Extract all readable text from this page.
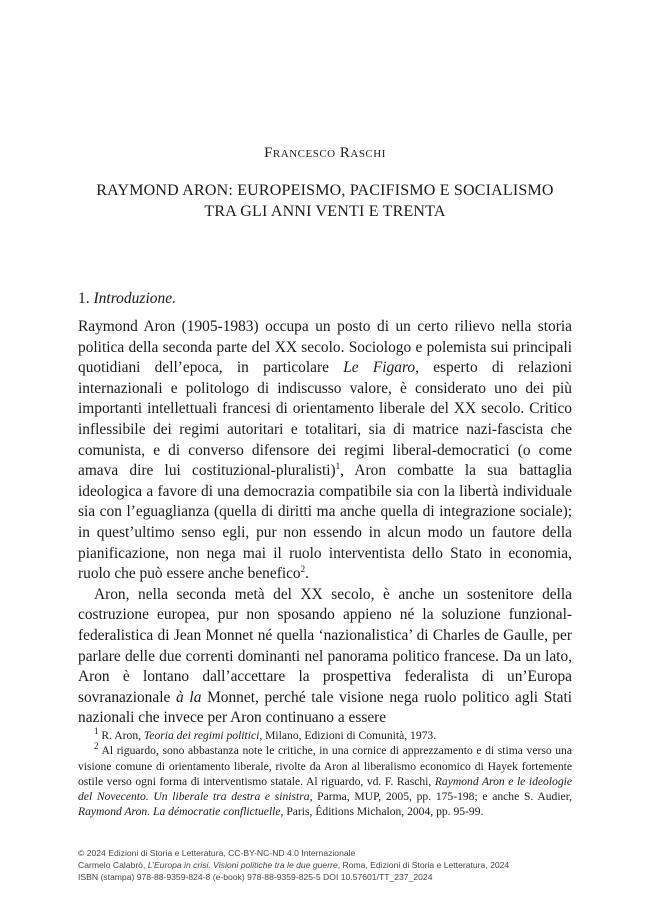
Francesco Raschi
RAYMOND ARON: EUROPEISMO, PACIFISMO E SOCIALISMO
TRA GLI ANNI VENTI E TRENTA
1. Introduzione.

Raymond Aron (1905-1983) occupa un posto di un certo rilievo nella storia politica della seconda parte del XX secolo. Sociologo e polemista sui principali quotidiani dell’epoca, in particolare Le Figaro, esperto di relazioni internazionali e politologo di indiscusso valore, è considerato uno dei più importanti intellettuali francesi di orientamento liberale del XX secolo. Critico inflessibile dei regimi autoritari e totalitari, sia di matrice nazi-fascista che comunista, e di converso difensore dei regimi liberal-democratici (o come amava dire lui costituzional-pluralisti)$^1$, Aron combatte la sua battaglia ideologica a favore di una democrazia compatibile sia con la libertà individuale sia con l’eguaglianza (quella di diritti ma anche quella di integrazione sociale); in quest’ultimo senso egli, pur non essendo in alcun modo un fautore della pianificazione, non nega mai il ruolo interventista dello Stato in economia, ruolo che può essere anche benefico$^2$.

Aron, nella seconda metà del XX secolo, è anche un sostenitore della costruzione europea, pur non sposando appieno né la soluzione funzional-federalistica di Jean Monnet né quella ‘nazionalistica’ di Charles de Gaulle, per parlare delle due correnti dominanti nel panorama politico francese. Da un lato, Aron è lontano dall’accettare la prospettiva federalista di un’Europa sovranazionale à la Monnet, perché tale visione nega ruolo politico agli Stati nazionali che invece per Aron continuano a essere

$^1$ R. Aron, Teoria dei regimi politici, Milano, Edizioni di Comunità, 1973.

$^2$ Al riguardo, sono abbastanza note le critiche, in una cornice di apprezzamento e di stima verso una visione comune di orientamento liberale, rivolte da Aron al liberalismo economico di Hayek fortemente ostile verso ogni forma di interventismo statale. Al riguardo, vd. F. Raschi, Raymond Aron e le ideologie del Novecento. Un liberale tra destra e sinistra, Parma, MUP, 2005, pp. 175-198; e anche S. Audier, Raymond Aron. La démocratie conflictuelle, Paris, Éditions Michalon, 2004, pp. 95-99.

© 2024 Edizioni di Storia e Letteratura, CC-BY-NC-ND 4.0 Internazionale
Carmelo Calabrò, L’Europa in crisi. Visioni politiche tra le due guerre, Roma, Edizioni di Storia e Letteratura, 2024
ISBN (stampa) 978-88-9359-824-8 (e-book) 978-88-9359-825-5 DOI 10.57601/TT_237_2024
